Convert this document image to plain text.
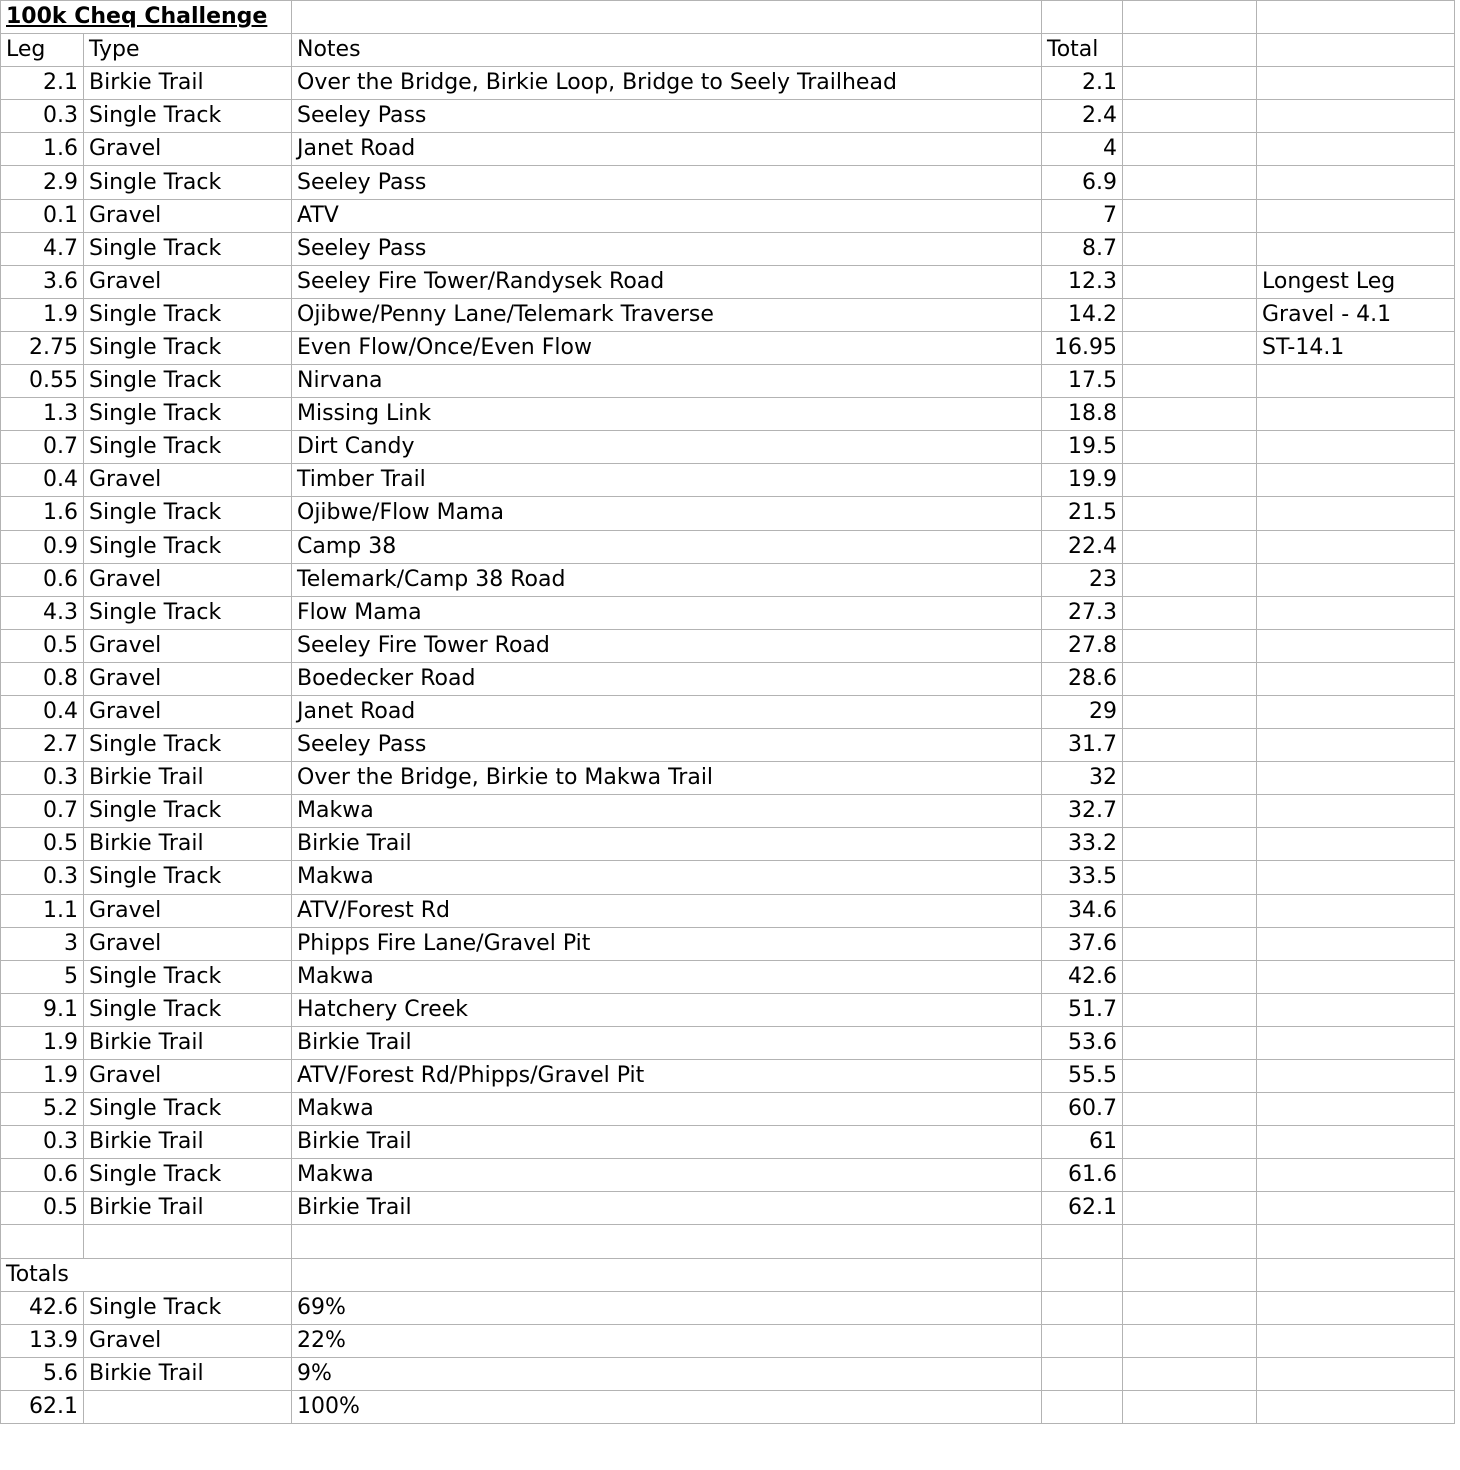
100k Cheq Challenge					
Leg	Type	Notes	Total		
2.1	Birkie Trail	Over the Bridge, Birkie Loop, Bridge to Seely Trailhead	2.1		
0.3	Single Track	Seeley Pass	2.4		
1.6	Gravel	Janet Road	4		
2.9	Single Track	Seeley Pass	6.9		
0.1	Gravel	ATV	7		
4.7	Single Track	Seeley Pass	8.7		
3.6	Gravel	Seeley Fire Tower/Randysek Road	12.3		Longest Leg
1.9	Single Track	Ojibwe/Penny Lane/Telemark Traverse	14.2		Gravel - 4.1
2.75	Single Track	Even Flow/Once/Even Flow	16.95		ST-14.1
0.55	Single Track	Nirvana	17.5		
1.3	Single Track	Missing Link	18.8		
0.7	Single Track	Dirt Candy	19.5		
0.4	Gravel	Timber Trail	19.9		
1.6	Single Track	Ojibwe/Flow Mama	21.5		
0.9	Single Track	Camp 38	22.4		
0.6	Gravel	Telemark/Camp 38 Road	23		
4.3	Single Track	Flow Mama	27.3		
0.5	Gravel	Seeley Fire Tower Road	27.8		
0.8	Gravel	Boedecker Road	28.6		
0.4	Gravel	Janet Road	29		
2.7	Single Track	Seeley Pass	31.7		
0.3	Birkie Trail	Over the Bridge, Birkie to Makwa Trail	32		
0.7	Single Track	Makwa	32.7		
0.5	Birkie Trail	Birkie Trail	33.2		
0.3	Single Track	Makwa	33.5		
1.1	Gravel	ATV/Forest Rd	34.6		
3	Gravel	Phipps Fire Lane/Gravel Pit	37.6		
5	Single Track	Makwa	42.6		
9.1	Single Track	Hatchery Creek	51.7		
1.9	Birkie Trail	Birkie Trail	53.6		
1.9	Gravel	ATV/Forest Rd/Phipps/Gravel Pit	55.5		
5.2	Single Track	Makwa	60.7		
0.3	Birkie Trail	Birkie Trail	61		
0.6	Single Track	Makwa	61.6		
0.5	Birkie Trail	Birkie Trail	62.1		

Totals					
42.6	Single Track	69%			
13.9	Gravel	22%			
5.6	Birkie Trail	9%			
62.1		100%			
